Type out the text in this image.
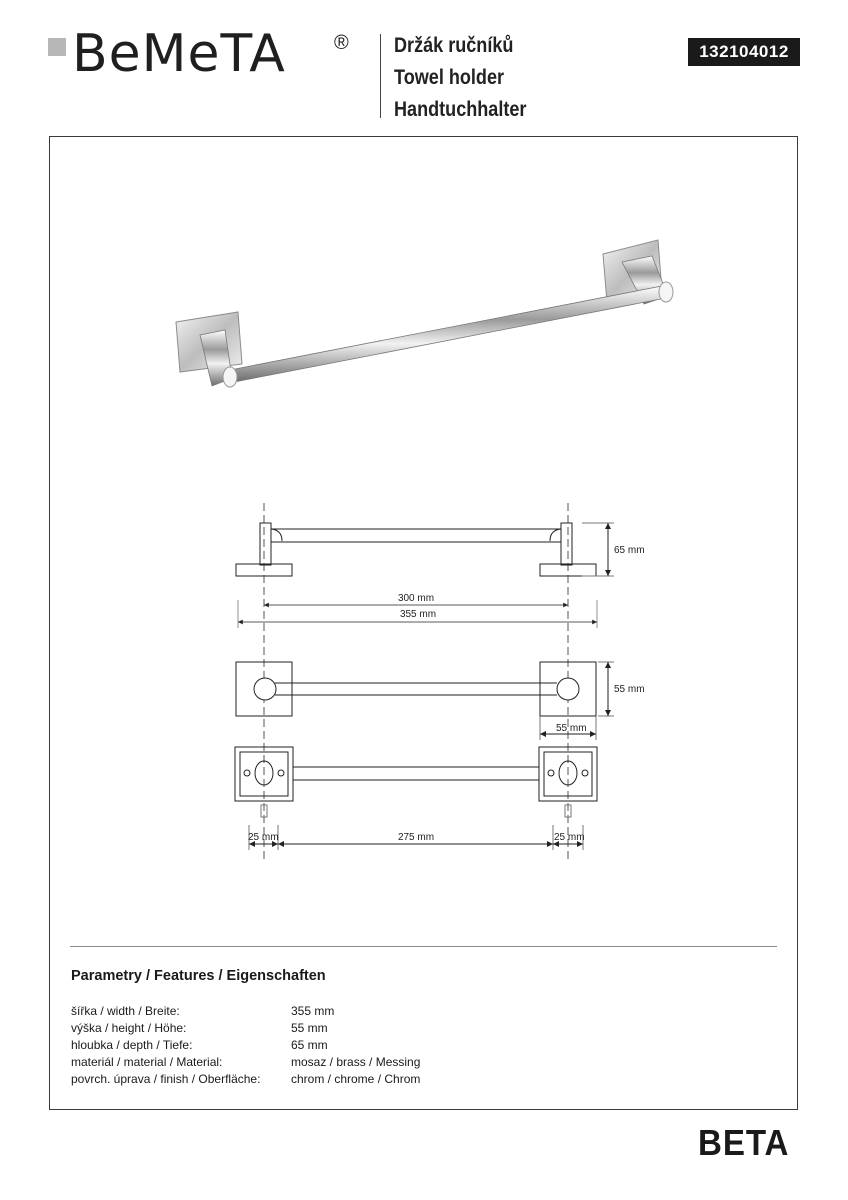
BeMeTA ® Držák ručníků
Towel holder
Handtuchhalter
132104012
65 mm
300 mm
355 mm
55 mm
55 mm
25 mm	275 mm	25 mm
Parametry / Features / Eigenschaften
šířka / width / Breite:	355 mm
výška / height / Höhe:	55 mm
hloubka / depth / Tiefe:	65 mm
materiál / material / Material:	mosaz / brass / Messing
povrch. úprava / finish / Oberfläche:	chrom / chrome / Chrom
BETA
